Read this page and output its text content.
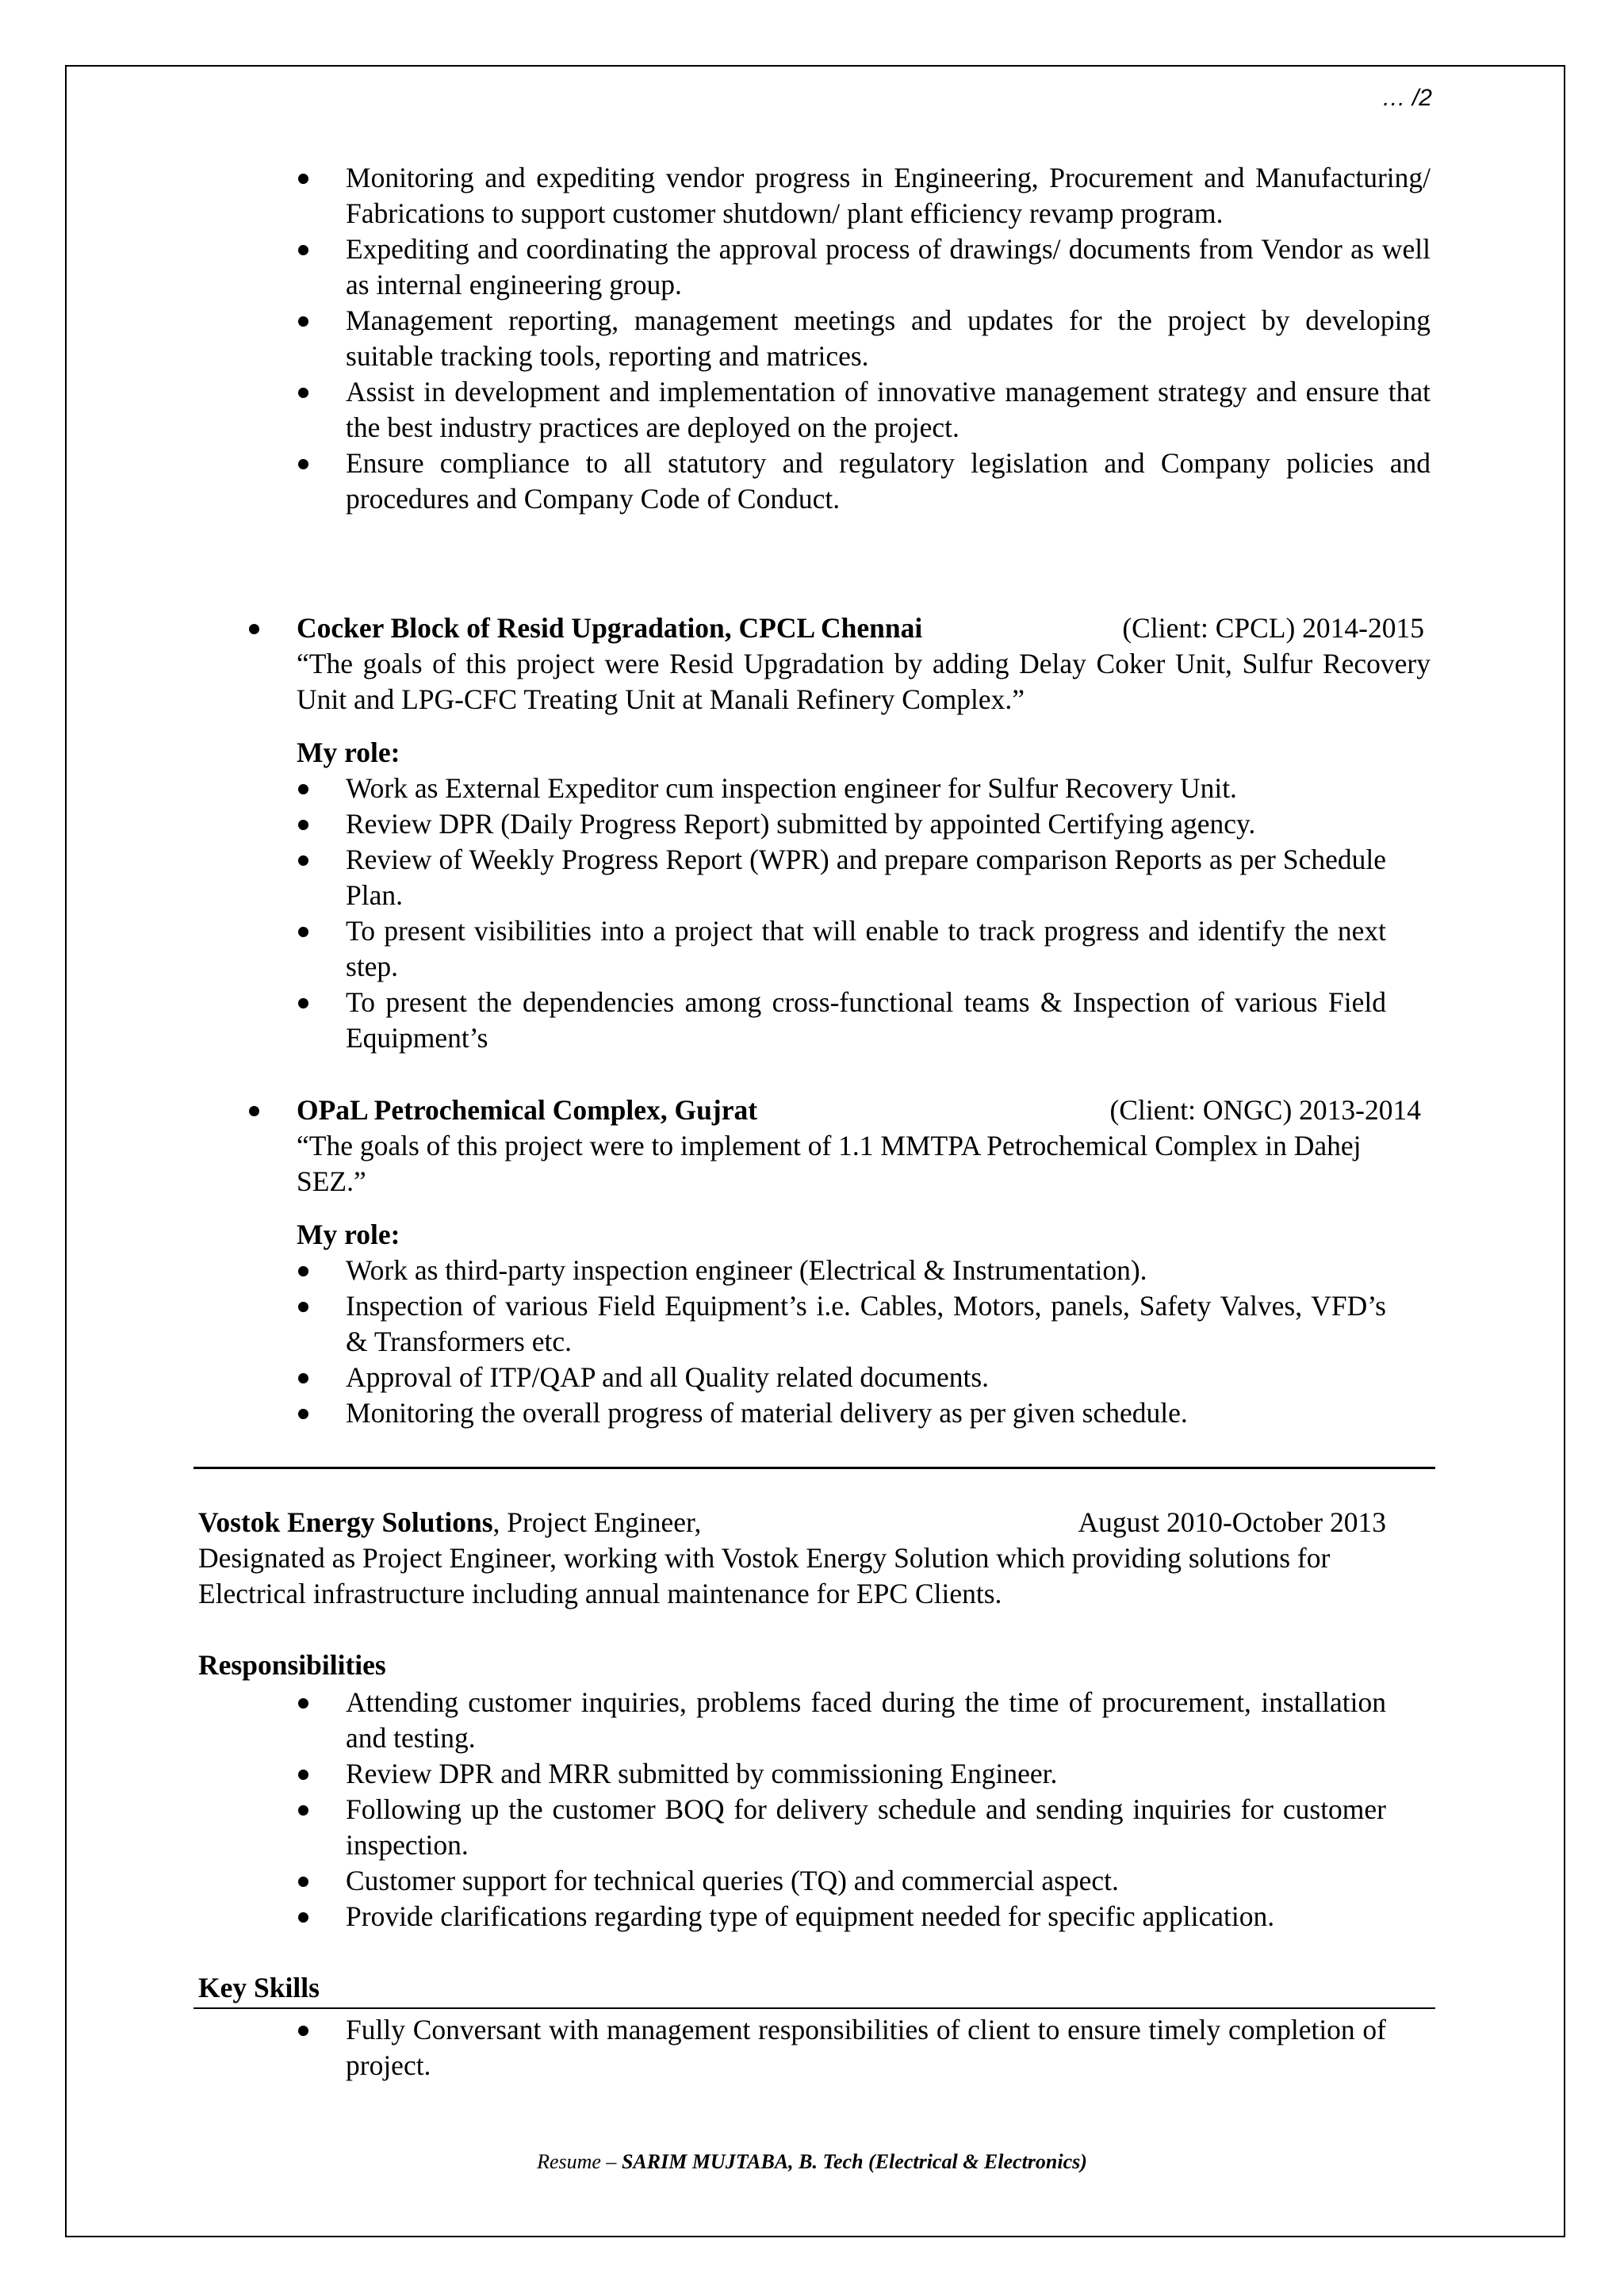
… /2
Monitoring and expediting vendor progress in Engineering, Procurement and Manufacturing/ Fabrications to support customer shutdown/ plant efficiency revamp program.
Expediting and coordinating the approval process of drawings/ documents from Vendor as well as internal engineering group.
Management reporting, management meetings and updates for the project by developing suitable tracking tools, reporting and matrices.
Assist in development and implementation of innovative management strategy and ensure that the best industry practices are deployed on the project.
Ensure compliance to all statutory and regulatory legislation and Company policies and procedures and Company Code of Conduct.
Cocker Block of Resid Upgradation, CPCL Chennai	(Client: CPCL) 2014-2015
“The goals of this project were Resid Upgradation by adding Delay Coker Unit, Sulfur Recovery Unit and LPG-CFC Treating Unit at Manali Refinery Complex.”
My role:
Work as External Expeditor cum inspection engineer for Sulfur Recovery Unit.
Review DPR (Daily Progress Report) submitted by appointed Certifying agency.
Review of Weekly Progress Report (WPR) and prepare comparison Reports as per Schedule Plan.
To present visibilities into a project that will enable to track progress and identify the next step.
To present the dependencies among cross-functional teams & Inspection of various Field Equipment’s
OPaL Petrochemical Complex, Gujrat	(Client: ONGC) 2013-2014
“The goals of this project were to implement of 1.1 MMTPA Petrochemical Complex in Dahej SEZ.”
My role:
Work as third-party inspection engineer (Electrical & Instrumentation).
Inspection of various Field Equipment’s i.e. Cables, Motors, panels, Safety Valves, VFD’s & Transformers etc.
Approval of ITP/QAP and all Quality related documents.
Monitoring the overall progress of material delivery as per given schedule.
Vostok Energy Solutions, Project Engineer,	August 2010-October 2013
Designated as Project Engineer, working with Vostok Energy Solution which providing solutions for Electrical infrastructure including annual maintenance for EPC Clients.
Responsibilities
Attending customer inquiries, problems faced during the time of procurement, installation and testing.
Review DPR and MRR submitted by commissioning Engineer.
Following up the customer BOQ for delivery schedule and sending inquiries for customer inspection.
Customer support for technical queries (TQ) and commercial aspect.
Provide clarifications regarding type of equipment needed for specific application.
Key Skills
Fully Conversant with management responsibilities of client to ensure timely completion of project.
Resume – SARIM MUJTABA, B. Tech (Electrical & Electronics)
